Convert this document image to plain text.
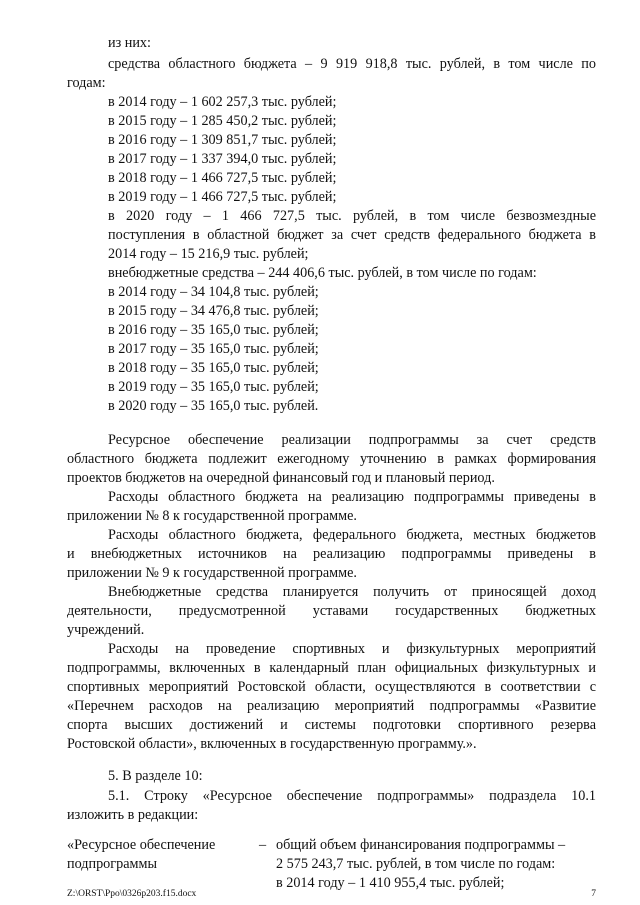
из них:
средства областного бюджета – 9 919 918,8 тыс. рублей, в том числе по
годам:
в 2014 году – 1 602 257,3 тыс. рублей;
в 2015 году – 1 285 450,2 тыс. рублей;
в 2016 году – 1 309 851,7 тыс. рублей;
в 2017 году – 1 337 394,0 тыс. рублей;
в 2018 году – 1 466 727,5 тыс. рублей;
в 2019 году – 1 466 727,5 тыс. рублей;
в 2020 году – 1 466 727,5 тыс. рублей, в том числе безвозмездные
поступления в областной бюджет за счет средств федерального бюджета в
2014 году – 15 216,9 тыс. рублей;
внебюджетные средства – 244 406,6 тыс. рублей, в том числе по годам:
в 2014 году – 34 104,8 тыс. рублей;
в 2015 году – 34 476,8 тыс. рублей;
в 2016 году – 35 165,0 тыс. рублей;
в 2017 году – 35 165,0 тыс. рублей;
в 2018 году – 35 165,0 тыс. рублей;
в 2019 году – 35 165,0 тыс. рублей;
в 2020 году – 35 165,0 тыс. рублей.
Ресурсное обеспечение реализации подпрограммы за счет средств
областного бюджета подлежит ежегодному уточнению в рамках формирования
проектов бюджетов на очередной финансовый год и плановый период.
Расходы областного бюджета на реализацию подпрограммы приведены в
приложении № 8 к государственной программе.
Расходы областного бюджета, федерального бюджета, местных бюджетов
и внебюджетных источников на реализацию подпрограммы приведены в
приложении № 9 к государственной программе.
Внебюджетные средства планируется получить от приносящей доход
деятельности, предусмотренной уставами государственных бюджетных
учреждений.
Расходы на проведение спортивных и физкультурных мероприятий
подпрограммы, включенных в календарный план официальных физкультурных и
спортивных мероприятий Ростовской области, осуществляются в соответствии с
«Перечнем расходов на реализацию мероприятий подпрограммы «Развитие
спорта высших достижений и системы подготовки спортивного резерва
Ростовской области», включенных в государственную программу.».
5. В разделе 10:
5.1. Строку «Ресурсное обеспечение подпрограммы» подраздела 10.1
изложить в редакции:
«Ресурсное обеспечение
подпрограммы
– общий объем финансирования подпрограммы –
2 575 243,7 тыс. рублей, в том числе по годам:
в 2014 году – 1 410 955,4 тыс. рублей;
Z:\ORST\Ppo\0326p203.f15.docx	7
